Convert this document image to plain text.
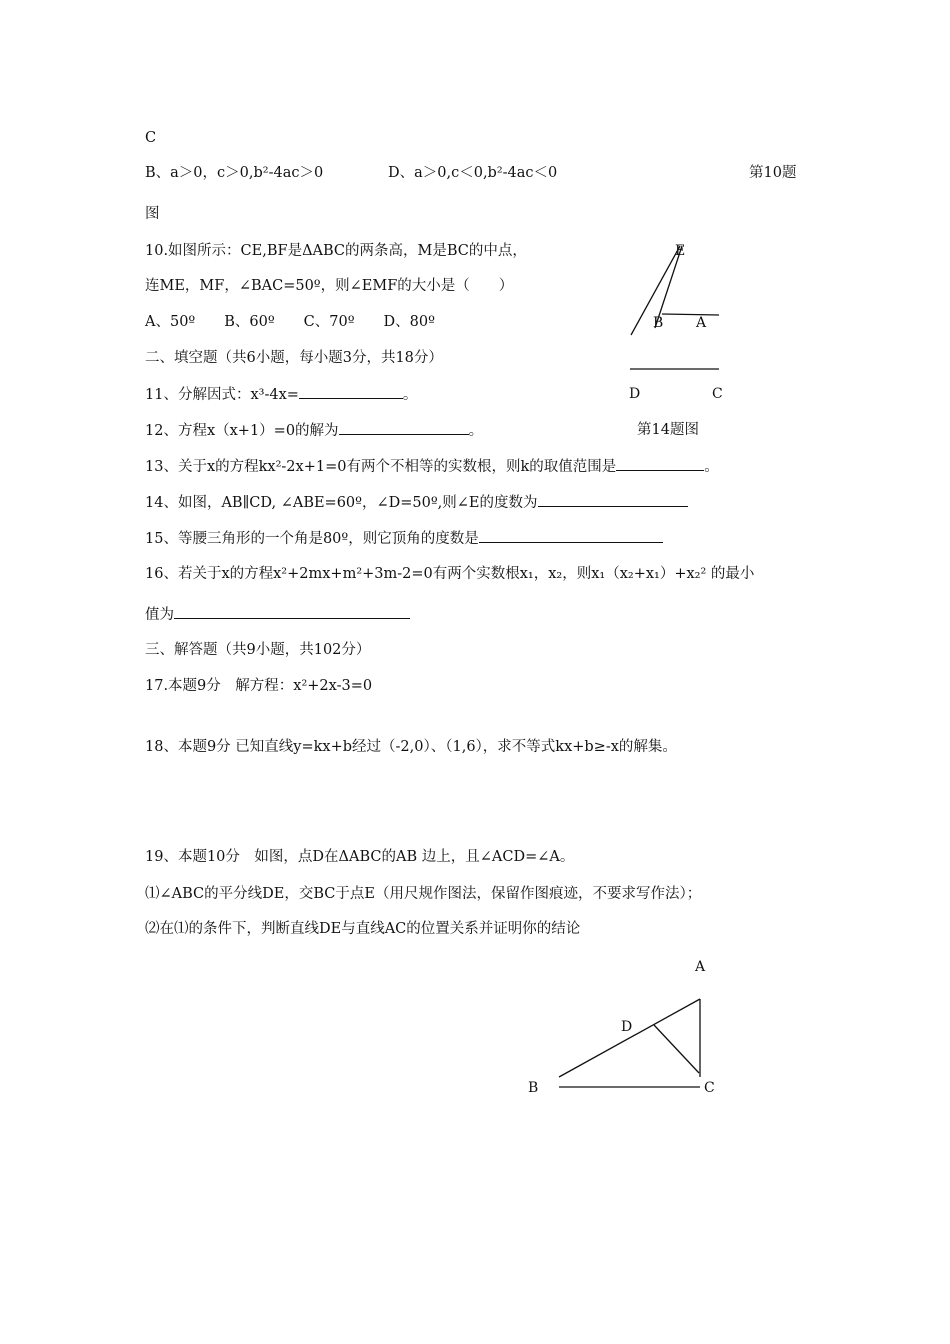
C
B、a＞0，c＞0,b²-4ac＞0	D、a＞0,c＜0,b²-4ac＜0	第10题
图
10.如图所示：CE,BF是ΔABC的两条高，M是BC的中点，
连ME，MF，∠BAC=50º，则∠EMF的大小是（　　）
A、50º　　B、60º　　C、70º　　D、80º
二、填空题（共6小题，每小题3分，共18分）
11、分解因式：x³-4x=	。
12、方程x（x+1）=0的解为	。	第14题图
13、关于x的方程kx²-2x+1=0有两个不相等的实数根，则k的取值范围是	。
14、如图，AB∥CD, ∠ABE=60º，∠D=50º,则∠E的度数为
15、等腰三角形的一个角是80º，则它顶角的度数是
16、若关于x的方程x²+2mx+m²+3m-2=0有两个实数根x₁，x₂，则x₁（x₂+x₁）+x₂² 的最小
值为
三、解答题（共9小题，共102分）
17.本题9分　解方程：x²+2x-3=0
18、本题9分 已知直线y=kx+b经过（-2,0）、（1,6），求不等式kx+b≥-x的解集。
19、本题10分　如图，点D在ΔABC的AB 边上，且∠ACD=∠A。
⑴∠ABC的平分线DE，交BC于点E（用尺规作图法，保留作图痕迹，不要求写作法）；
⑵在⑴的条件下，判断直线DE与直线AC的位置关系并证明你的结论
E
B A
D	C
A
D
B	C
